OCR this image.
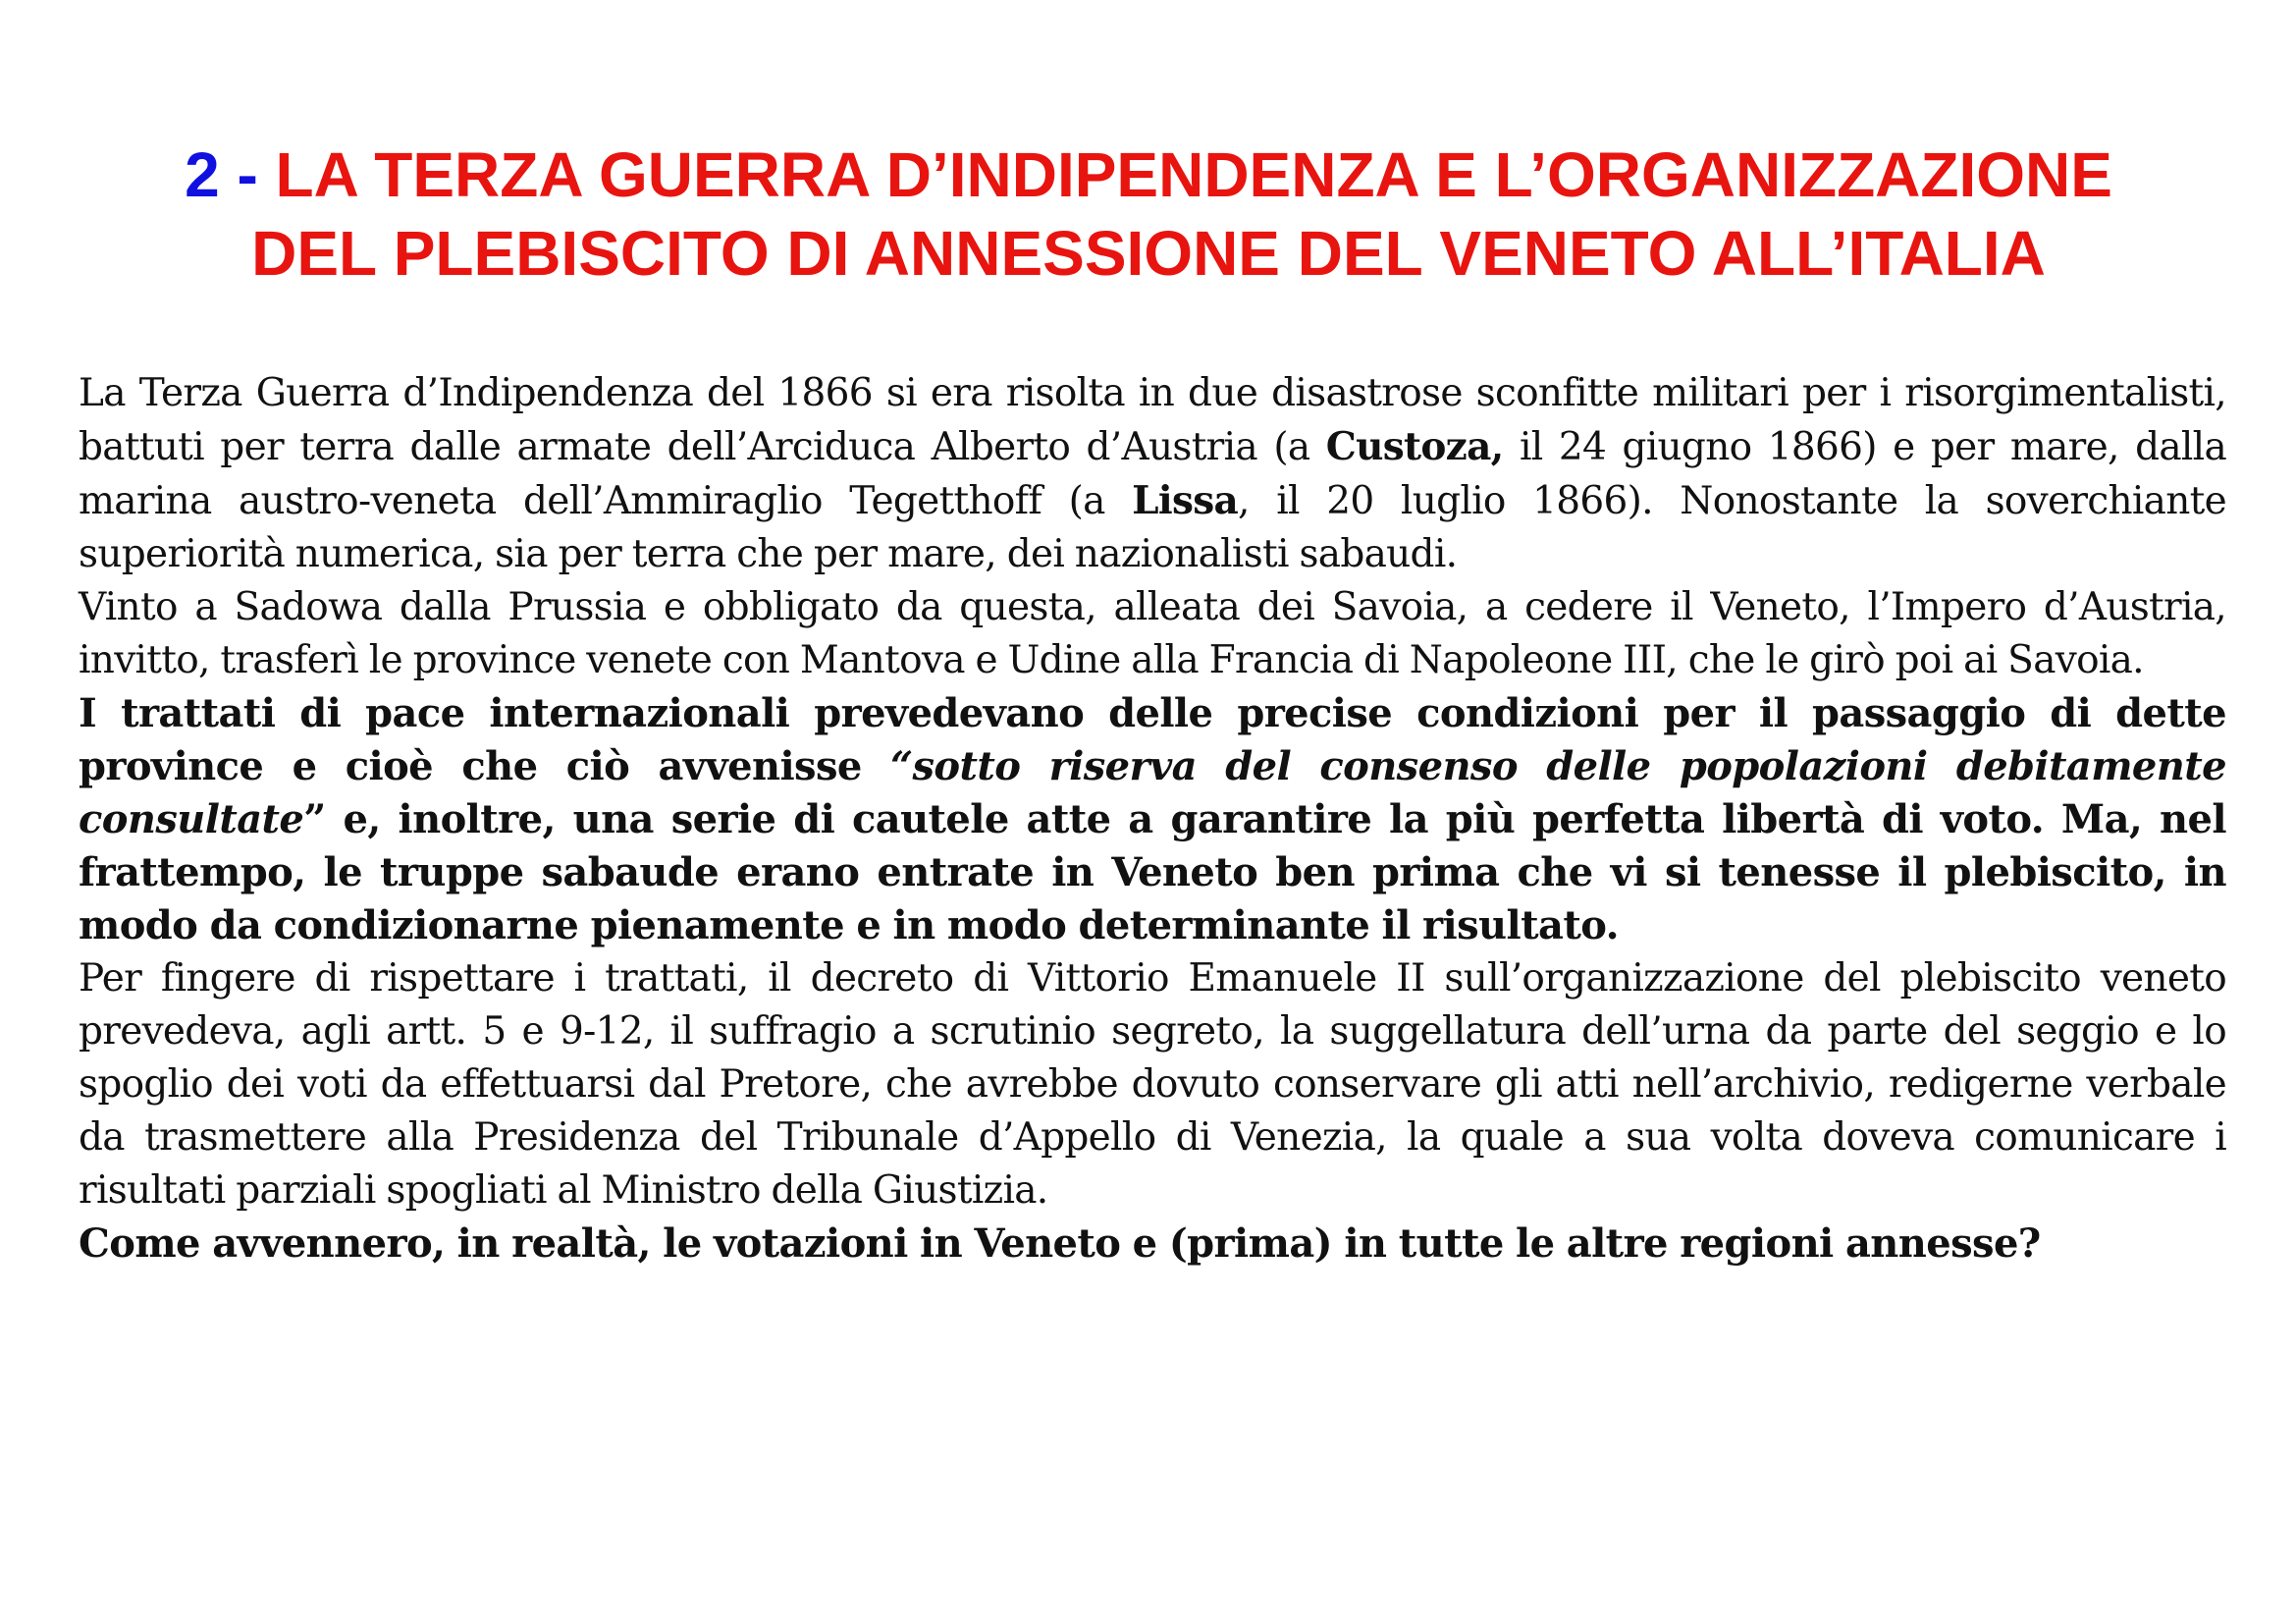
2 - LA TERZA GUERRA D’INDIPENDENZA E L’ORGANIZZAZIONE
DEL PLEBISCITO DI ANNESSIONE DEL VENETO ALL’ITALIA

La Terza Guerra d’Indipendenza del 1866 si era risolta in due disastrose sconfitte militari per i risorgimentalisti, battuti per terra dalle armate dell’Arciduca Alberto d’Austria (a Custoza, il 24 giugno 1866) e per mare, dalla marina austro-veneta dell’Ammiraglio Tegetthoff (a Lissa, il 20 luglio 1866). Nonostante la soverchiante superiorità numerica, sia per terra che per mare, dei nazionalisti sabaudi.

Vinto a Sadowa dalla Prussia e obbligato da questa, alleata dei Savoia, a cedere il Veneto, l’Impero d’Austria, invitto, trasferì le province venete con Mantova e Udine alla Francia di Napoleone III, che le girò poi ai Savoia.

I trattati di pace internazionali prevedevano delle precise condizioni per il passaggio di dette province e cioè che ciò avvenisse “sotto riserva del consenso delle popolazioni debitamente consultate” e, inoltre, una serie di cautele atte a garantire la più perfetta libertà di voto. Ma, nel frattempo, le truppe sabaude erano entrate in Veneto ben prima che vi si tenesse il plebiscito, in modo da condizionarne pienamente e in modo determinante il risultato.

Per fingere di rispettare i trattati, il decreto di Vittorio Emanuele II sull’organizzazione del plebiscito veneto prevedeva, agli artt. 5 e 9-12, il suffragio a scrutinio segreto, la suggellatura dell’urna da parte del seggio e lo spoglio dei voti da effettuarsi dal Pretore, che avrebbe dovuto conservare gli atti nell’archivio, redigerne verbale da trasmettere alla Presidenza del Tribunale d’Appello di Venezia, la quale a sua volta doveva comunicare i risultati parziali spogliati al Ministro della Giustizia.

Come avvennero, in realtà, le votazioni in Veneto e (prima) in tutte le altre regioni annesse?
